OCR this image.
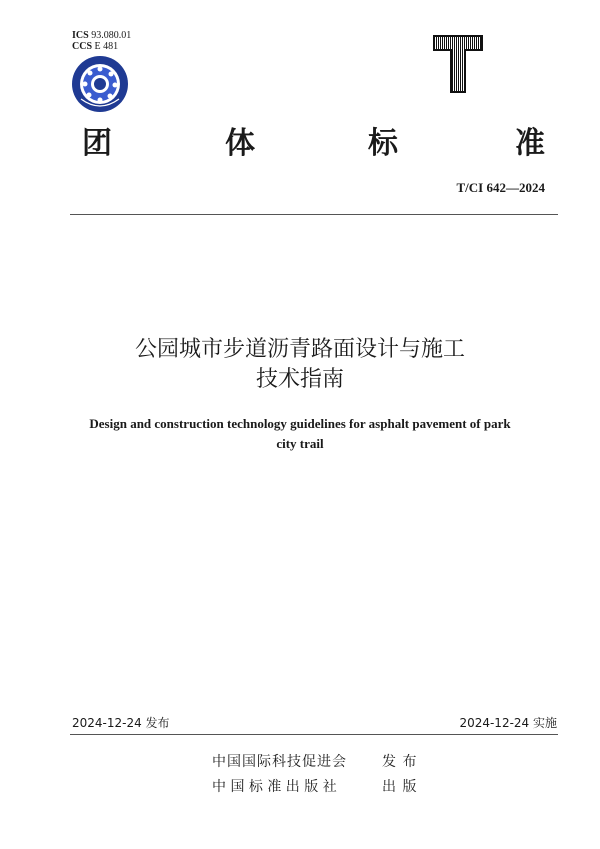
ICS 93.080.01
CCS E 481
团	体	标	准
T/CI 642—2024
公园城市步道沥青路面设计与施工
技术指南
Design and construction technology guidelines for asphalt pavement of park
city trail
2024-12-24 发布	2024-12-24 实施
中国国际科技促进会	发 布
中 国 标 准 出 版 社	出 版
